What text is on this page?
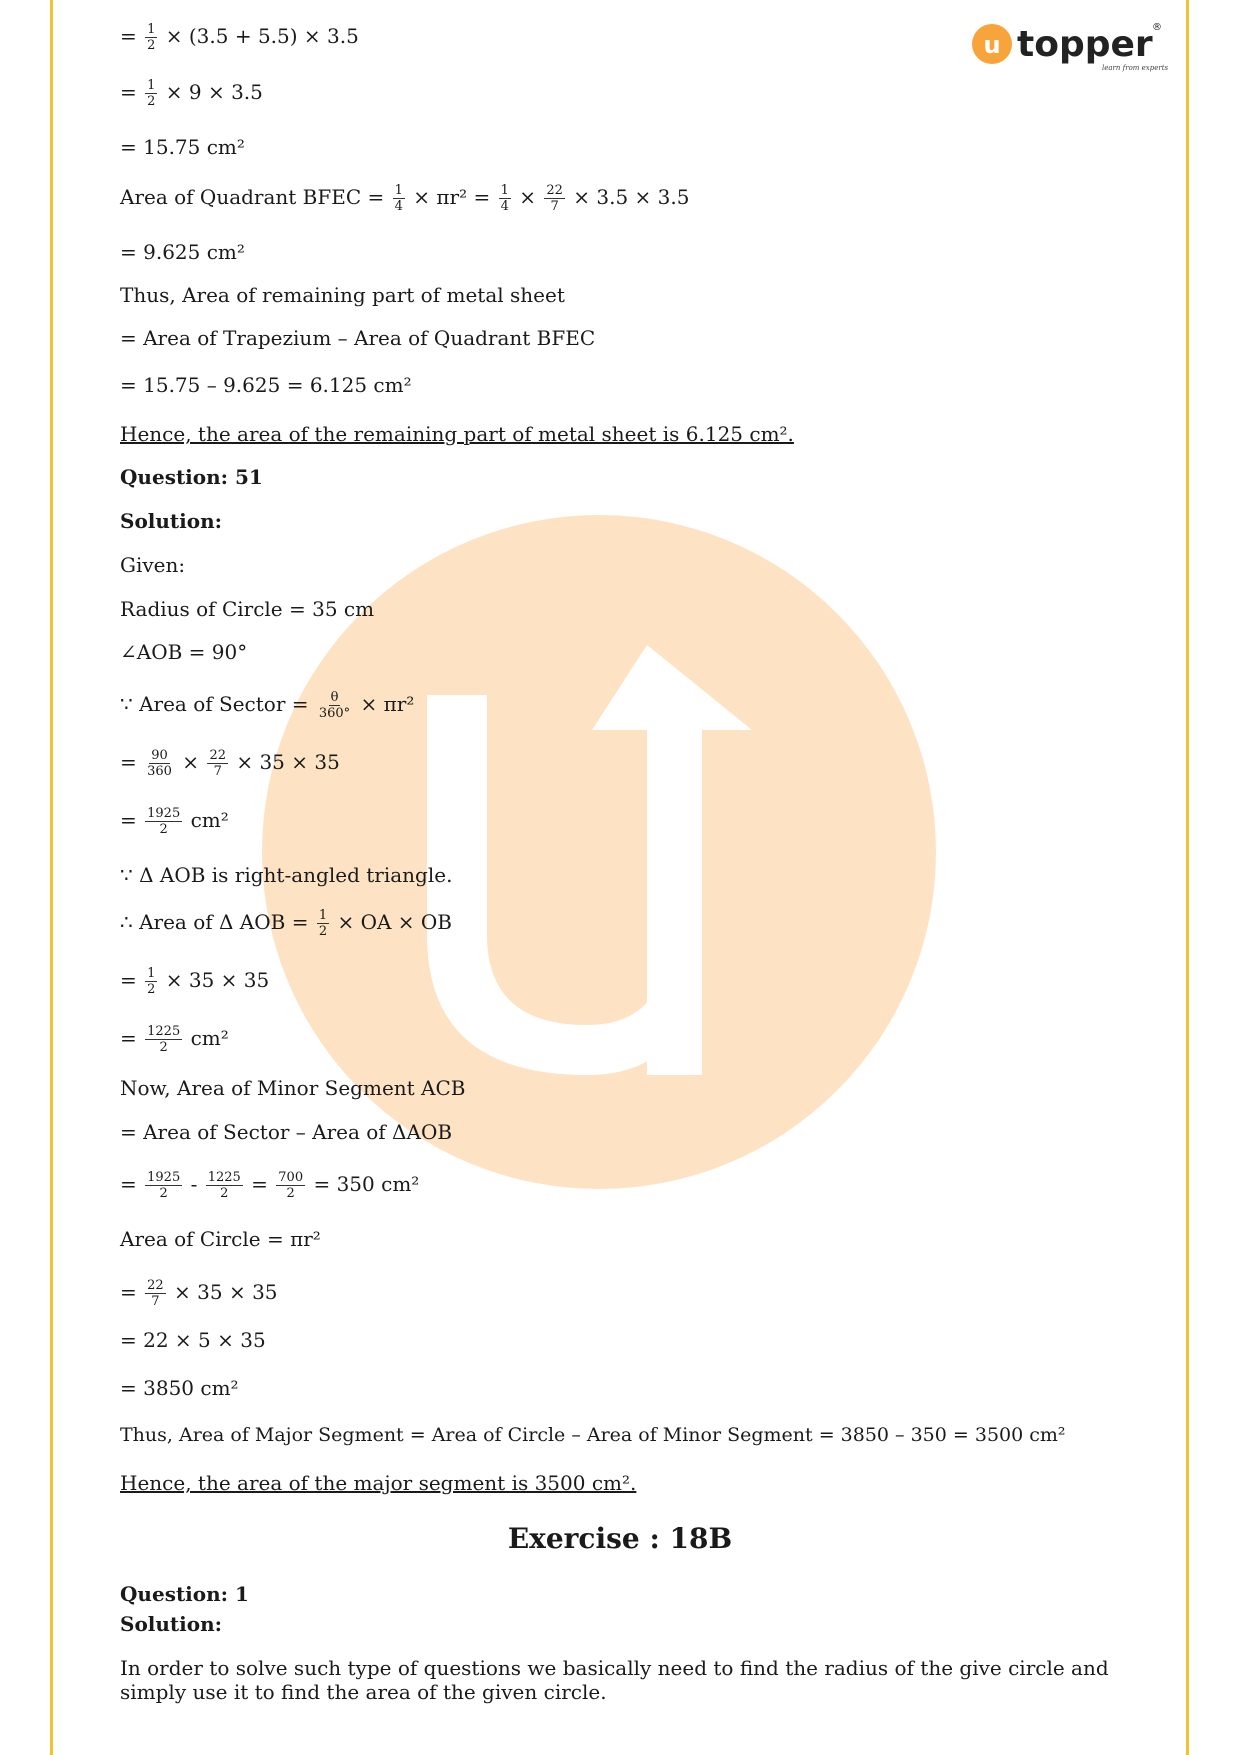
u topper ®
learn from experts
= $\frac{1}{2} \times (3.5 + 5.5) \times 3.5$
= $\frac{1}{2} \times 9 \times 3.5$
= 15.75 cm²
Area of Quadrant BFEC = $\frac{1}{4} \times \pi r^2 = \frac{1}{4} \times \frac{22}{7} \times 3.5 \times 3.5$
= 9.625 cm²
Thus, Area of remaining part of metal sheet
= Area of Trapezium – Area of Quadrant BFEC
= 15.75 – 9.625 = 6.125 cm²
Hence, the area of the remaining part of metal sheet is 6.125 cm².
Question: 51
Solution:
Given:
Radius of Circle = 35 cm
∠AOB = 90°
∵ Area of Sector = $\frac{\theta}{360^\circ} \times \pi r^2$
= $\frac{90}{360} \times \frac{22}{7} \times 35 \times 35$
= $\frac{1925}{2} cm^2$
∵ Δ AOB is right-angled triangle.
∴ Area of Δ AOB = $\frac{1}{2}$ × OA × OB
= $\frac{1}{2} \times 35 \times 35$
= $\frac{1225}{2} cm^2$
Now, Area of Minor Segment ACB
= Area of Sector – Area of ΔAOB
= $\frac{1925}{2} - \frac{1225}{2} = \frac{700}{2} = 350$ cm²
Area of Circle = πr²
= $\frac{22}{7} \times 35 \times 35$
= 22 × 5 × 35
= 3850 cm²
Thus, Area of Major Segment = Area of Circle – Area of Minor Segment = 3850 – 350 = 3500 cm²
Hence, the area of the major segment is 3500 cm².
Exercise : 18B
Question: 1
Solution:
In order to solve such type of questions we basically need to find the radius of the give circle and simply use it to find the area of the given circle.
